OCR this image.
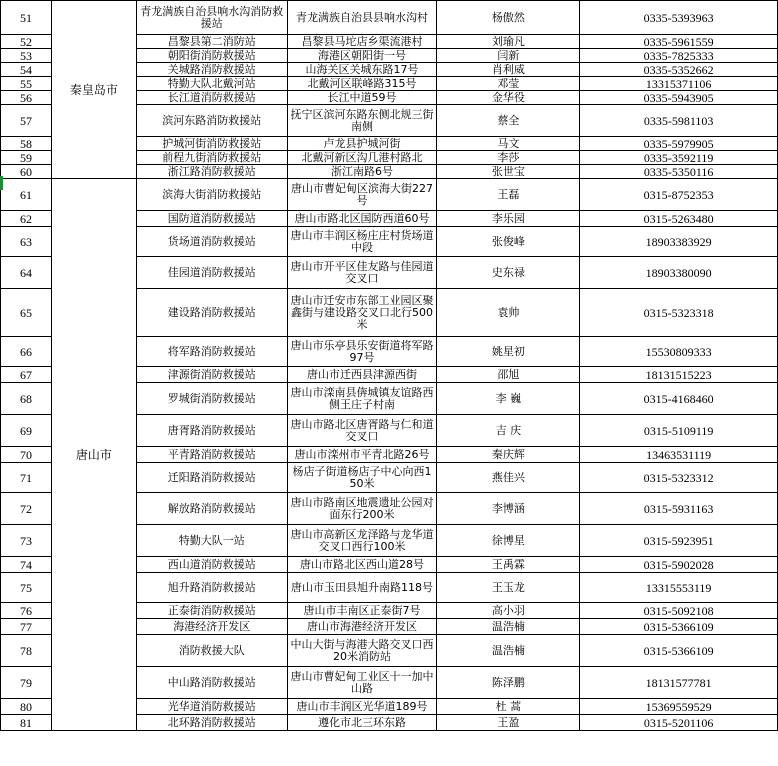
51	秦皇岛市	青龙满族自治县响水沟消防救援站	青龙满族自治县县响水沟村	杨傲然	0335-5393963
52		昌黎县第二消防站	昌黎县马坨店乡渠流港村	刘瑜凡	0335-5961559
53		朝阳街消防救援站	海港区朝阳街一号	闫新	0335-7825333
54		关城路消防救援站	山海关区关城东路17号	肖利威	0335-5352662
55		特勤大队北戴河站	北戴河区联峰路315号	邓莹	13315371106
56		长江道消防救援站	长江中道59号	金华役	0335-5943905
57		滨河东路消防救援站	抚宁区滨河东路东侧北规三街南侧	蔡全	0335-5981103
58		护城河街消防救援站	卢龙县护城河街	马文	0335-5979905
59		前程九街消防救援站	北戴河新区沟几港村路北	李莎	0335-3592119
60		浙江路消防救援站	浙江南路6号	张世宝	0335-5350116
61	唐山市	滨海大街消防救援站	唐山市曹妃甸区滨海大街227号	王磊	0315-8752353
62		国防道消防救援站	唐山市路北区国防西道60号	李乐园	0315-5263480
63		货场道消防救援站	唐山市丰润区杨庄庄村货场道中段	张俊峰	18903383929
64		佳园道消防救援站	唐山市开平区佳友路与佳园道交叉口	史东禄	18903380090
65		建设路消防救援站	唐山市迁安市东部工业园区聚鑫街与建设路交叉口北行500米	袁帅	0315-5323318
66		将军路消防救援站	唐山市乐亭县乐安街道将军路97号	姚星初	15530809333
67		津源街消防救援站	唐山市迁西县津源西街	邵旭	18131515223
68		罗城街消防救援站	唐山市滦南县倴城镇友谊路西侧王庄子村南	李 巍	0315-4168460
69		唐胥路消防救援站	唐山市路北区唐胥路与仁和道交叉口	吉 庆	0315-5109119
70		平青路消防救援站	唐山市滦州市平青北路26号	秦庆辉	13463531119
71		迁阳路消防救援站	杨店子街道杨店子中心向西150米	燕佳兴	0315-5323312
72		解放路消防救援站	唐山市路南区地震遗址公园对面东行200米	李博涵	0315-5931163
73		特勤大队一站	唐山市高新区龙泽路与龙华道交叉口西行100米	徐博星	0315-5923951
74		西山道消防救援站	唐山市路北区西山道28号	王禹霖	0315-5902028
75		旭升路消防救援站	唐山市玉田县旭升南路118号	王玉龙	13315553119
76		正泰街消防救援站	唐山市丰南区正泰街7号	高小羽	0315-5092108
77		海港经济开发区	唐山市海港经济开发区	温浩楠	0315-5366109
78		消防救援大队	中山大街与海港大路交叉口西20米消防站	温浩楠	0315-5366109
79		中山路消防救援站	唐山市曹妃甸工业区十一加中山路	陈泽鹏	18131577781
80		光华道消防救援站	唐山市丰润区光华道189号	杜 蒿	15369559529
81		北环路消防救援站	遵化市北三环东路	王盈	0315-5201106
